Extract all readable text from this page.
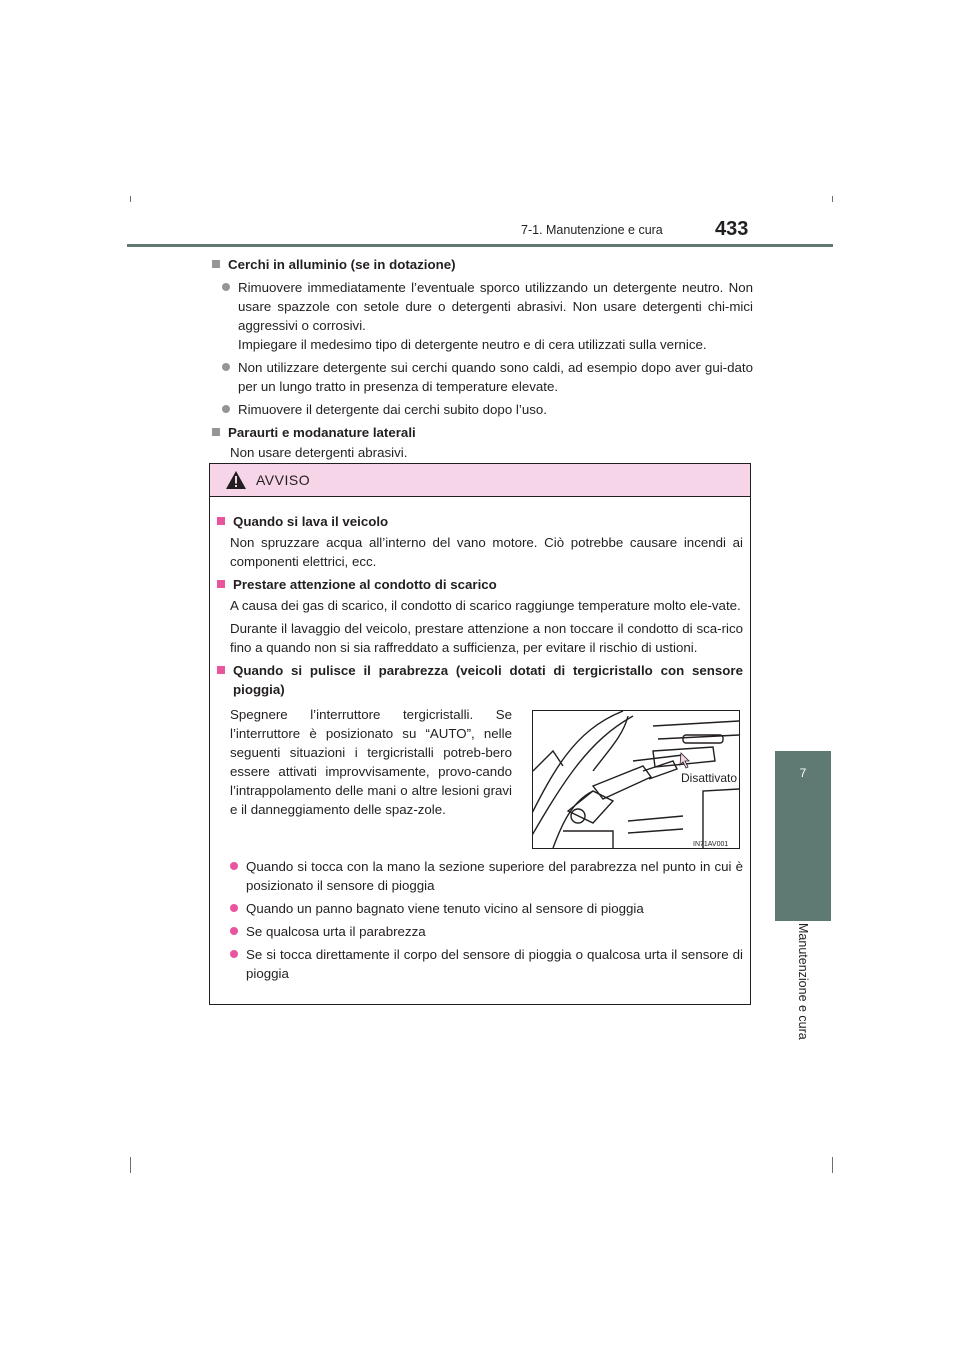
7-1. Manutenzione e cura	433
7
Manutenzione e cura
Cerchi in alluminio (se in dotazione)
Rimuovere immediatamente l’eventuale sporco utilizzando un detergente neutro. Non usare spazzole con setole dure o detergenti abrasivi. Non usare detergenti chi-mici aggressivi o corrosivi.
Impiegare il medesimo tipo di detergente neutro e di cera utilizzati sulla vernice.
Non utilizzare detergente sui cerchi quando sono caldi, ad esempio dopo aver gui-dato per un lungo tratto in presenza di temperature elevate.
Rimuovere il detergente dai cerchi subito dopo l’uso.
Paraurti e modanature laterali
Non usare detergenti abrasivi.
AVVISO
Quando si lava il veicolo
Non spruzzare acqua all’interno del vano motore. Ciò potrebbe causare incendi ai componenti elettrici, ecc.
Prestare attenzione al condotto di scarico
A causa dei gas di scarico, il condotto di scarico raggiunge temperature molto ele-vate.
Durante il lavaggio del veicolo, prestare attenzione a non toccare il condotto di sca-rico fino a quando non si sia raffreddato a sufficienza, per evitare il rischio di ustioni.
Quando si pulisce il parabrezza (veicoli dotati di tergicristallo con sensore pioggia)
Spegnere l’interruttore tergicristalli. Se l’interruttore è posizionato su “AUTO”, nelle seguenti situazioni i tergicristalli potreb-bero essere attivati improvvisamente, provo-cando l’intrappolamento delle mani o altre lesioni gravi e il danneggiamento delle spaz-zole.
Disattivato
IN71AV001
Quando si tocca con la mano la sezione superiore del parabrezza nel punto in cui è posizionato il sensore di pioggia
Quando un panno bagnato viene tenuto vicino al sensore di pioggia
Se qualcosa urta il parabrezza
Se si tocca direttamente il corpo del sensore di pioggia o qualcosa urta il sensore di pioggia
